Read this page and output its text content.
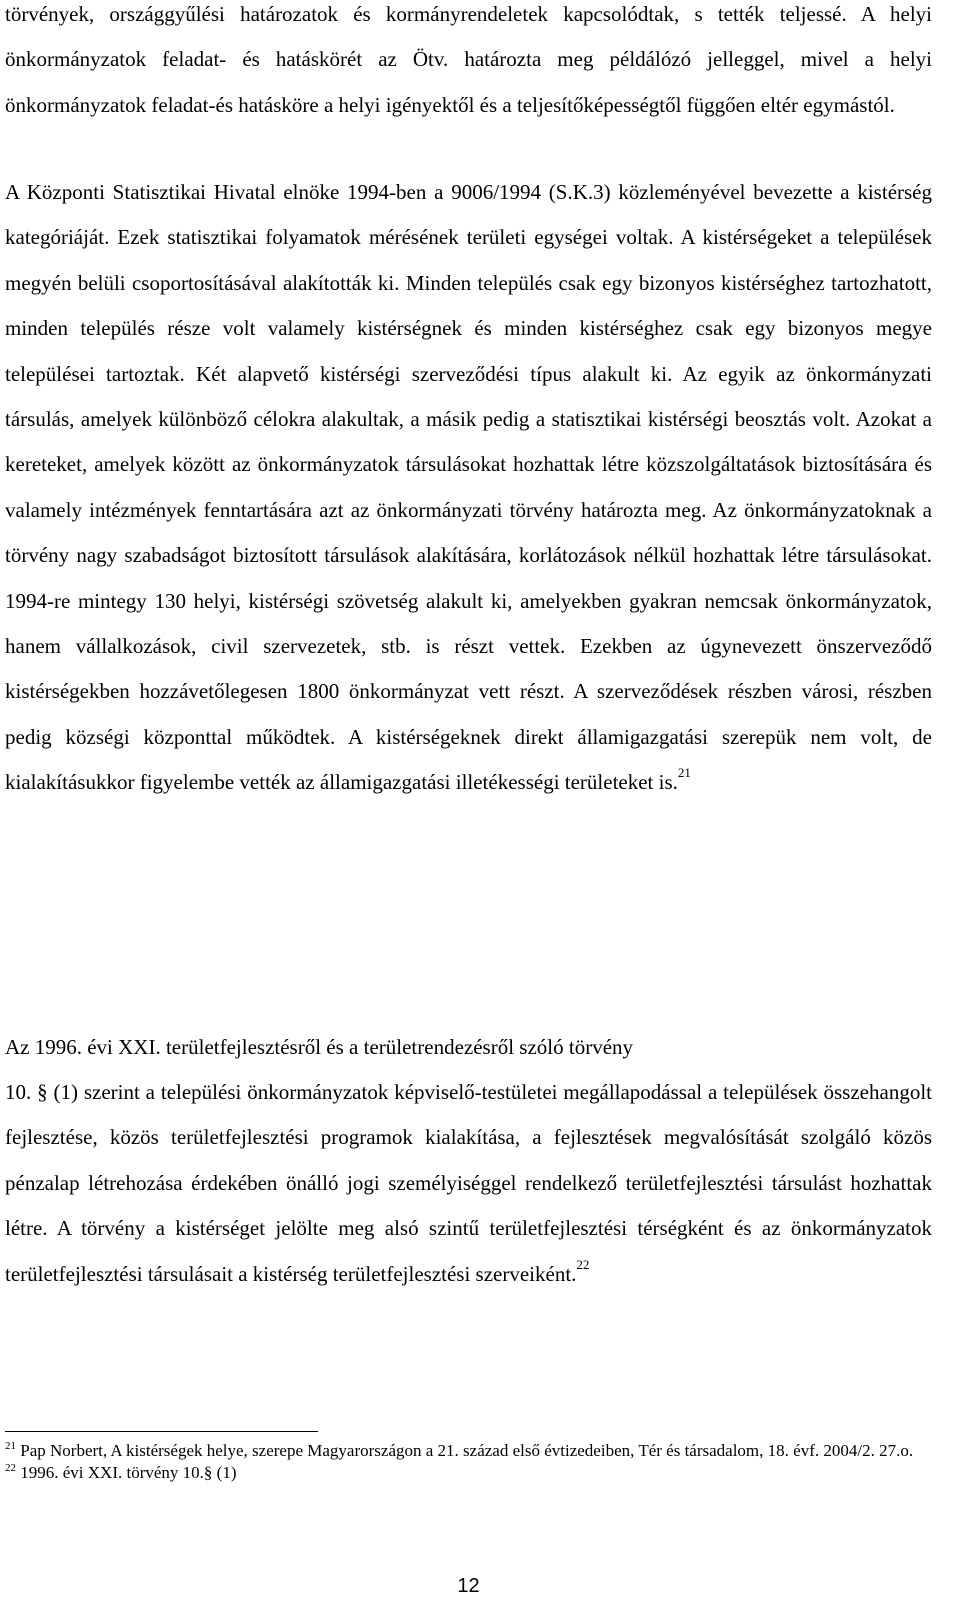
törvények, országgyűlési határozatok és kormányrendeletek kapcsolódtak, s tették teljessé. A helyi önkormányzatok feladat- és hatáskörét az Ötv. határozta meg példálózó jelleggel, mivel a helyi önkormányzatok feladat-és hatásköre a helyi igényektől és a teljesítőképességtől függően eltér egymástól.

A Központi Statisztikai Hivatal elnöke 1994-ben a 9006/1994 (S.K.3) közleményével bevezette a kistérség kategóriáját. Ezek statisztikai folyamatok mérésének területi egységei voltak. A kistérségeket a települések megyén belüli csoportosításával alakították ki. Minden település csak egy bizonyos kistérséghez tartozhatott, minden település része volt valamely kistérségnek és minden kistérséghez csak egy bizonyos megye települései tartoztak. Két alapvető kistérségi szerveződési típus alakult ki. Az egyik az önkormányzati társulás, amelyek különböző célokra alakultak, a másik pedig a statisztikai kistérségi beosztás volt. Azokat a kereteket, amelyek között az önkormányzatok társulásokat hozhattak létre közszolgáltatások biztosítására és valamely intézmények fenntartására azt az önkormányzati törvény határozta meg. Az önkormányzatoknak a törvény nagy szabadságot biztosított társulások alakítására, korlátozások nélkül hozhattak létre társulásokat. 1994-re mintegy 130 helyi, kistérségi szövetség alakult ki, amelyekben gyakran nemcsak önkormányzatok, hanem vállalkozások, civil szervezetek, stb. is részt vettek. Ezekben az úgynevezett önszerveződő kistérségekben hozzávetőlegesen 1800 önkormányzat vett részt. A szerveződések részben városi, részben pedig községi központtal működtek. A kistérségeknek direkt államigazgatási szerepük nem volt, de kialakításukkor figyelembe vették az államigazgatási illetékességi területeket is.$^{21}$

Az 1996. évi XXI. területfejlesztésről és a területrendezésről szóló törvény

10. § (1) szerint a települési önkormányzatok képviselő-testületei megállapodással a települések összehangolt fejlesztése, közös területfejlesztési programok kialakítása, a fejlesztések megvalósítását szolgáló közös pénzalap létrehozása érdekében önálló jogi személyiséggel rendelkező területfejlesztési társulást hozhattak létre. A törvény a kistérséget jelölte meg alsó szintű területfejlesztési térségként és az önkormányzatok területfejlesztési társulásait a kistérség területfejlesztési szerveiként.$^{22}$

$^{21}$ Pap Norbert, A kistérségek helye, szerepe Magyarországon a 21. század első évtizedeiben, Tér és társadalom, 18. évf. 2004/2. 27.o.

$^{22}$ 1996. évi XXI. törvény 10.§ (1)

12
